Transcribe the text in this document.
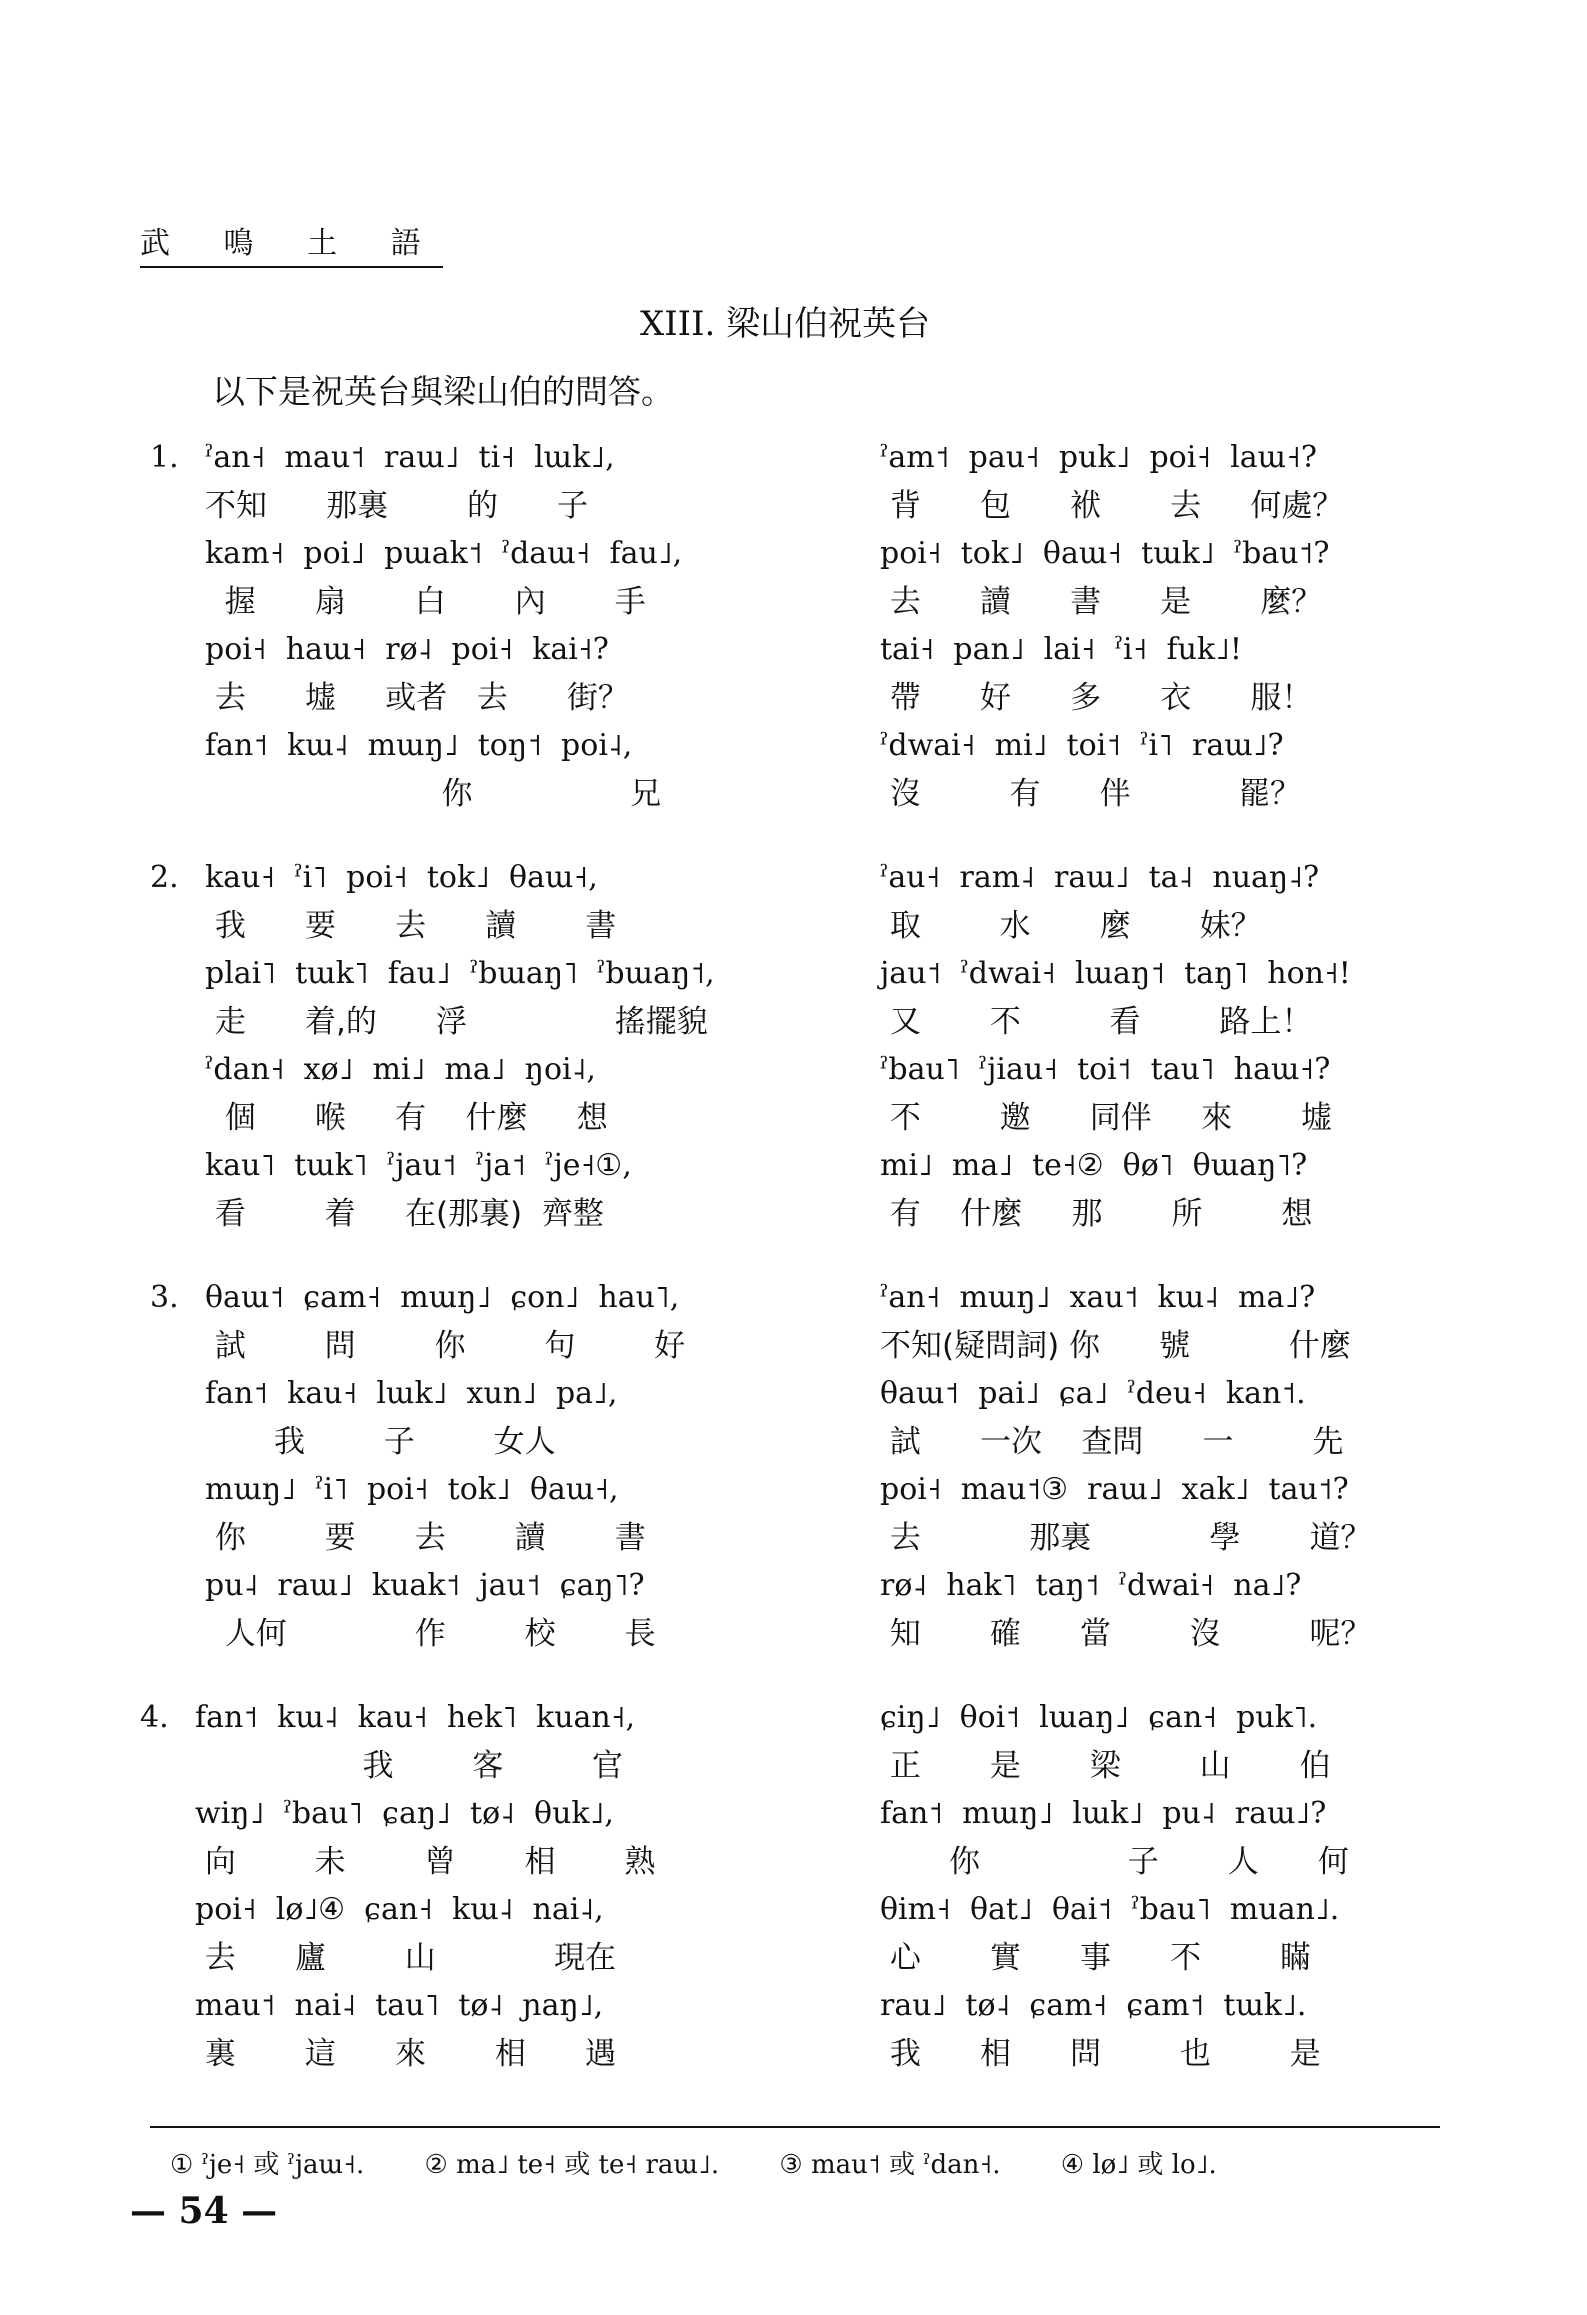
武 鳴 土 語
XIII. 梁山伯祝英台
以下是祝英台與梁山伯的問答。
1. ˀan˧  mau˦  raɯ˩  ti˧  lɯk˩,
不知      那裏        的      子
kam˧  poi˩  pɯak˦  ˀdaɯ˧  fau˩,
握      扇       白       內       手
poi˧  haɯ˧  rø˨  poi˧  kai˧?
去      墟     或者   去      街？
fan˦  kɯ˨  mɯŋ˩  toŋ˦  poi˨,
你                兄
ˀam˦  pau˧  puk˩  poi˧  laɯ˧?
背      包      袱       去     何處？
poi˧  tok˩  θaɯ˧  tɯk˩  ˀbau˦?
去      讀      書      是       麼？
tai˧  pan˩  lai˧  ˀi˧  fuk˩!
帶      好      多      衣      服！
ˀdwai˧  mi˩  toi˦  ˀi˥  raɯ˩?
沒         有      伴           罷？
2. kau˧  ˀi˥  poi˧  tok˩  θaɯ˧,
我      要      去      讀       書
plai˥  tɯk˥  fau˩  ˀbɯaŋ˥  ˀbɯaŋ˦,
走      着,的      浮               搖擺貌
ˀdan˧  xø˩  mi˩  ma˩  ŋoi˨,
個      喉     有    什麼     想
kau˥  tɯk˥  ˀjau˦  ˀja˦  ˀje˧①,
看        着     在(那裏)  齊整
ˀau˧  ram˨  raɯ˩  ta˨  nuaŋ˨?
取        水       麼       妹？
jau˦  ˀdwai˧  lɯaŋ˦  taŋ˥  hon˧!
又       不         看        路上！
ˀbau˥  ˀjiau˧  toi˦  tau˥  haɯ˧?
不        邀      同伴     來       墟
mi˩  ma˩  te˧②  θø˥  θɯaŋ˥?
有    什麼     那       所        想
3. θaɯ˦  ɕam˧  mɯŋ˩  ɕon˩  hau˥,
試        問        你        句        好
fan˦  kau˧  lɯk˩  xun˩  pa˩,
我        子        女人
mɯŋ˩  ˀi˥  poi˧  tok˩  θaɯ˧,
你        要      去       讀       書
pu˨  raɯ˩  kuak˦  jau˦  ɕaŋ˥?
人何             作        校       長
ˀan˧  mɯŋ˩  xau˦  kɯ˨  ma˩?
不知(疑問詞) 你      號          什麼
θaɯ˦  pai˩  ɕa˩  ˀdeu˧  kan˦.
試      一次    查問      一        先
poi˧  mau˦③  raɯ˩  xak˩  tau˦?
去           那裏            學       道？
rø˨  hak˥  taŋ˦  ˀdwai˧  na˩?
知       確      當        沒         呢？
4. fan˦  kɯ˨  kau˧  hek˥  kuan˧,
我        客         官
wiŋ˩  ˀbau˥  ɕaŋ˩  tø˨  θuk˩,
向        未        曾       相       熟
poi˧  lø˩④  ɕan˧  kɯ˨  nai˨,
去      廬        山            現在
mau˦  nai˨  tau˥  tø˨  ɲaŋ˩,
裏       這      來       相      遇
ɕiŋ˩  θoi˦  lɯaŋ˩  ɕan˧  puk˥.
正       是       梁        山       伯
fan˦  mɯŋ˩  lɯk˩  pu˨  raɯ˩?
你               子       人      何
θim˧  θat˩  θai˦  ˀbau˥  muan˩.
心       實      事      不        瞞
rau˩  tø˨  ɕam˧  ɕam˦  tɯk˩.
我      相      問        也        是
① ˀje˧ 或 ˀjaɯ˧. ② ma˩ te˧ 或 te˧ raɯ˩. ③ mau˦ 或 ˀdan˧. ④ lø˩ 或 lo˩.
— 54 —
